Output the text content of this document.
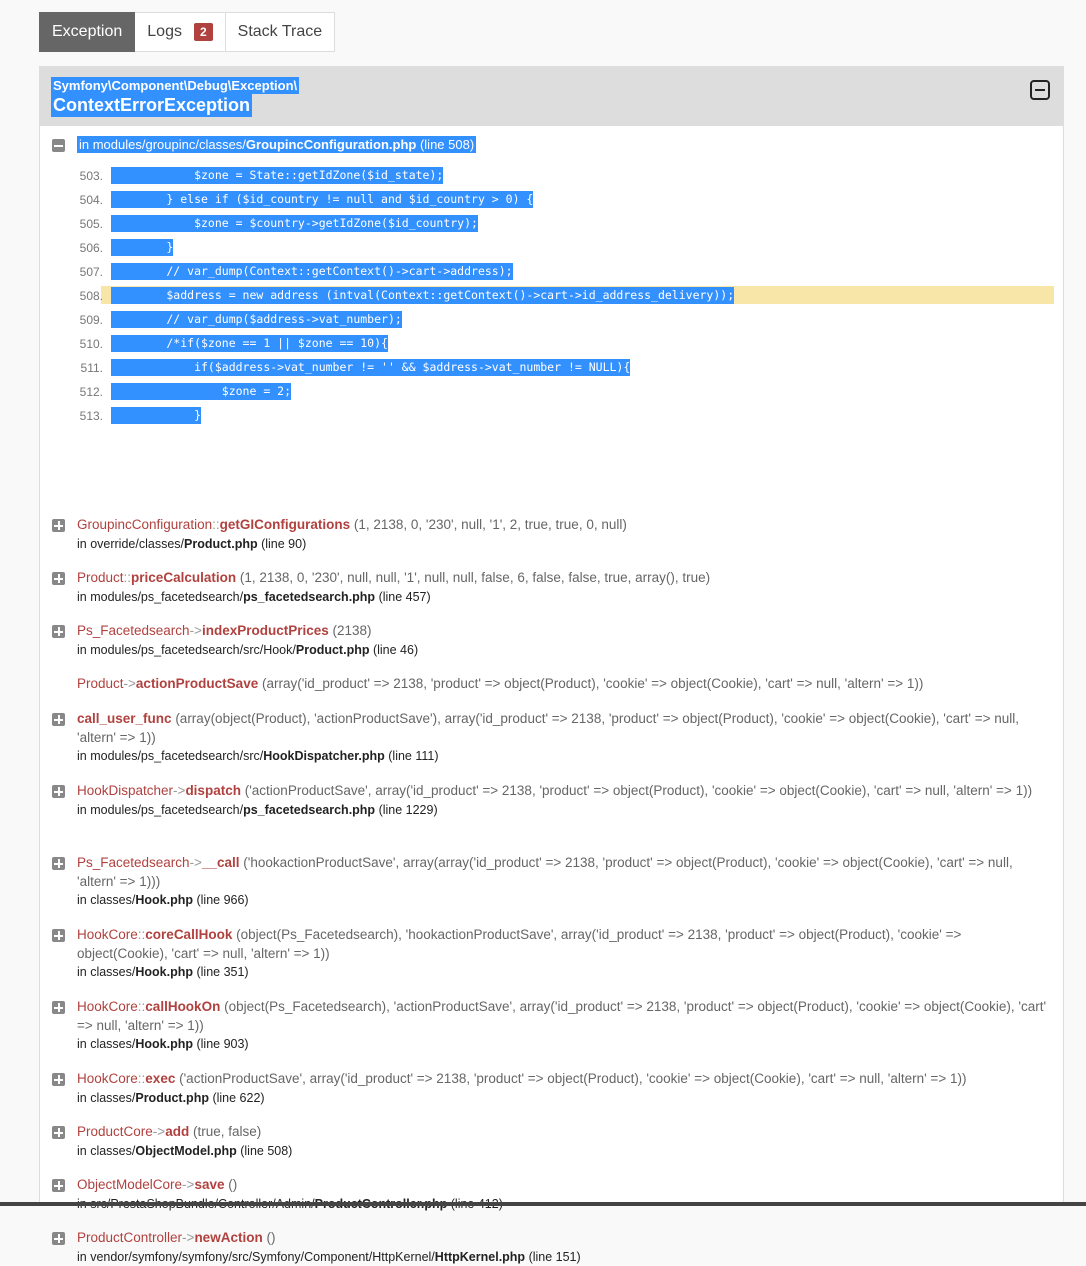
Exception Logs	2	Stack Trace
Symfony\Component\Debug\Exception\
ContextErrorException
in modules/groupinc/classes/GroupincConfiguration.php (line 508)
503. $zone = State::getIdZone($id_state);
504. } else if ($id_country != null and $id_country > 0) {
505. $zone = $country->getIdZone($id_country);
506. }
507. // var_dump(Context::getContext()->cart->address);
508. $address = new address (intval(Context::getContext()->cart->id_address_delivery));
509. // var_dump($address->vat_number);
510. /*if($zone == 1 || $zone == 10){
511. if($address->vat_number != '' && $address->vat_number != NULL){
512. $zone = 2;
513. }
GroupincConfiguration::getGIConfigurations (1, 2138, 0, '230', null, '1', 2, true, true, 0, null)
in override/classes/Product.php (line 90)
Product::priceCalculation (1, 2138, 0, '230', null, null, '1', null, null, false, 6, false, false, true, array(), true)
in modules/ps_facetedsearch/ps_facetedsearch.php (line 457)
Ps_Facetedsearch->indexProductPrices (2138)
in modules/ps_facetedsearch/src/Hook/Product.php (line 46)
Product->actionProductSave (array('id_product' => 2138, 'product' => object(Product), 'cookie' => object(Cookie), 'cart' => null, 'altern' => 1))
call_user_func (array(object(Product), 'actionProductSave'), array('id_product' => 2138, 'product' => object(Product), 'cookie' => object(Cookie), 'cart' => null, 'altern' => 1))
in modules/ps_facetedsearch/src/HookDispatcher.php (line 111)
HookDispatcher->dispatch ('actionProductSave', array('id_product' => 2138, 'product' => object(Product), 'cookie' => object(Cookie), 'cart' => null, 'altern' => 1))
in modules/ps_facetedsearch/ps_facetedsearch.php (line 1229)
Ps_Facetedsearch->__call ('hookactionProductSave', array(array('id_product' => 2138, 'product' => object(Product), 'cookie' => object(Cookie), 'cart' => null, 'altern' => 1)))
in classes/Hook.php (line 966)
HookCore::coreCallHook (object(Ps_Facetedsearch), 'hookactionProductSave', array('id_product' => 2138, 'product' => object(Product), 'cookie' => object(Cookie), 'cart' => null, 'altern' => 1))
in classes/Hook.php (line 351)
HookCore::callHookOn (object(Ps_Facetedsearch), 'actionProductSave', array('id_product' => 2138, 'product' => object(Product), 'cookie' => object(Cookie), 'cart' => null, 'altern' => 1))
in classes/Hook.php (line 903)
HookCore::exec ('actionProductSave', array('id_product' => 2138, 'product' => object(Product), 'cookie' => object(Cookie), 'cart' => null, 'altern' => 1))
in classes/Product.php (line 622)
ProductCore->add (true, false)
in classes/ObjectModel.php (line 508)
ObjectModelCore->save ()
ProductController->newAction ()
in vendor/symfony/symfony/src/Symfony/Component/HttpKernel/HttpKernel.php (line 151)
